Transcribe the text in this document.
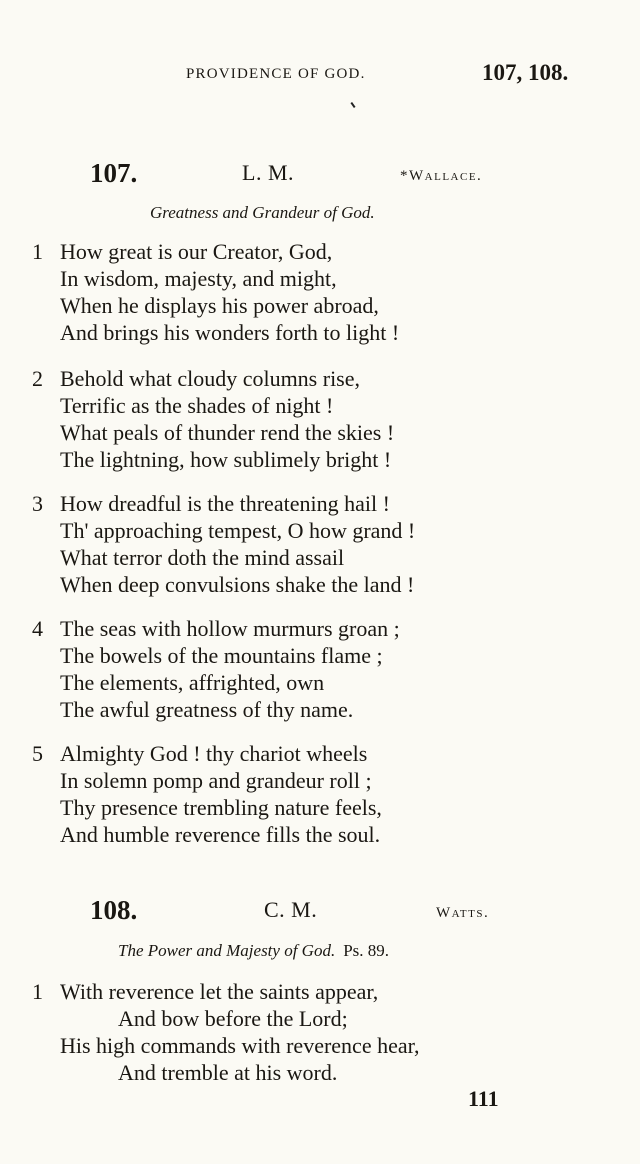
PROVIDENCE OF GOD.	107, 108.
107.	L. M.	*Wallace.
Greatness and Grandeur of God.
1 How great is our Creator, God,
In wisdom, majesty, and might,
When he displays his power abroad,
And brings his wonders forth to light !
2 Behold what cloudy columns rise,
Terrific as the shades of night !
What peals of thunder rend the skies !
The lightning, how sublimely bright !
3 How dreadful is the threatening hail !
Th' approaching tempest, O how grand !
What terror doth the mind assail
When deep convulsions shake the land !
4 The seas with hollow murmurs groan ;
The bowels of the mountains flame ;
The elements, affrighted, own
The awful greatness of thy name.
5 Almighty God ! thy chariot wheels
In solemn pomp and grandeur roll ;
Thy presence trembling nature feels,
And humble reverence fills the soul.
108.	C. M.	Watts.
The Power and Majesty of God. Ps. 89.
1 With reverence let the saints appear,
And bow before the Lord;
His high commands with reverence hear,
And tremble at his word.
111
